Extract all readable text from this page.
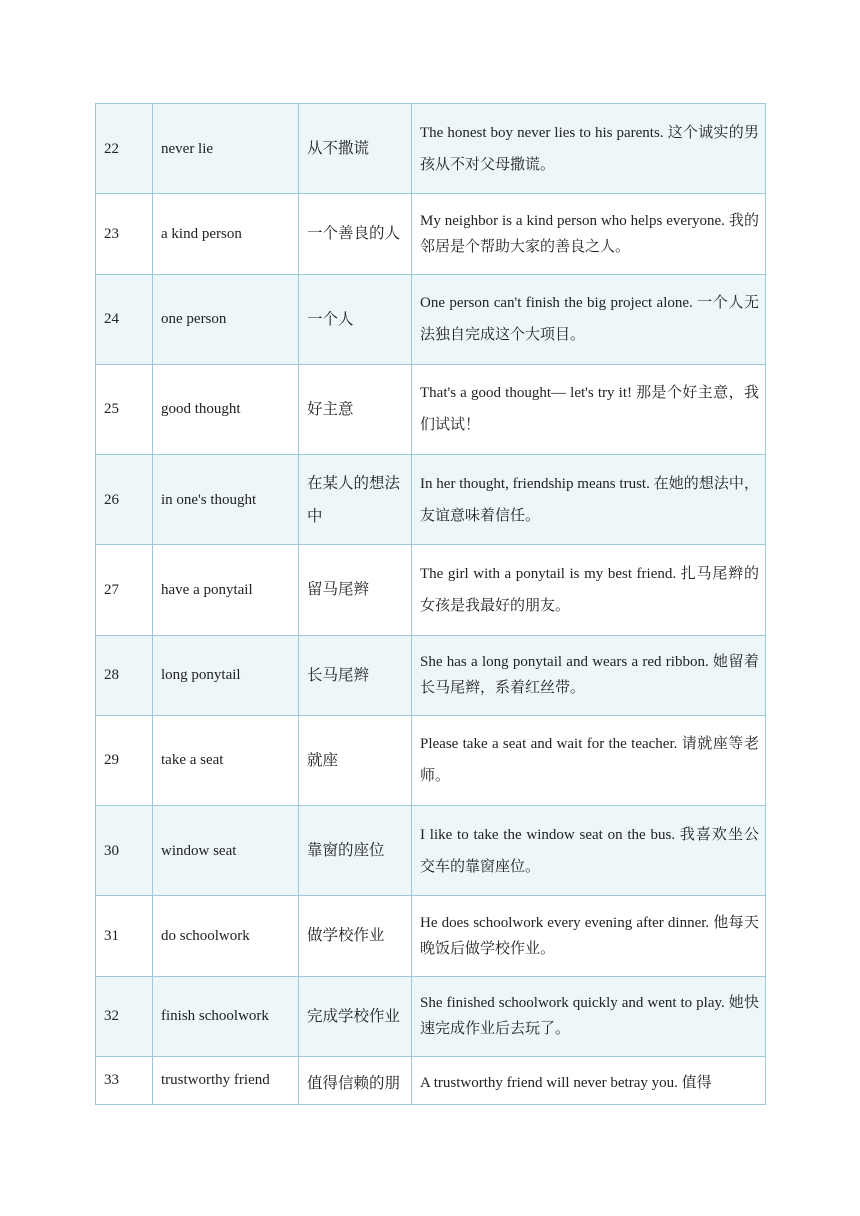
22	never lie	从不撒谎	The honest boy never lies to his parents. 这个诚实的男孩从不对父母撒谎。
23	a kind person	一个善良的人	My neighbor is a kind person who helps everyone. 我的邻居是个帮助大家的善良之人。
24	one person	一个人	One person can't finish the big project alone. 一个人无法独自完成这个大项目。
25	good thought	好主意	That's a good thought— let's try it! 那是个好主意，我们试试！
26	in one's thought	在某人的想法中	In her thought, friendship means trust. 在她的想法中，友谊意味着信任。
27	have a ponytail	留马尾辫	The girl with a ponytail is my best friend. 扎马尾辫的女孩是我最好的朋友。
28	long ponytail	长马尾辫	She has a long ponytail and wears a red ribbon. 她留着长马尾辫，系着红丝带。
29	take a seat	就座	Please take a seat and wait for the teacher. 请就座等老师。
30	window seat	靠窗的座位	I like to take the window seat on the bus. 我喜欢坐公交车的靠窗座位。
31	do schoolwork	做学校作业	He does schoolwork every evening after dinner. 他每天晚饭后做学校作业。
32	finish schoolwork	完成学校作业	She finished schoolwork quickly and went to play. 她快速完成作业后去玩了。
33	trustworthy friend	值得信赖的朋	A trustworthy friend will never betray you. 值得
